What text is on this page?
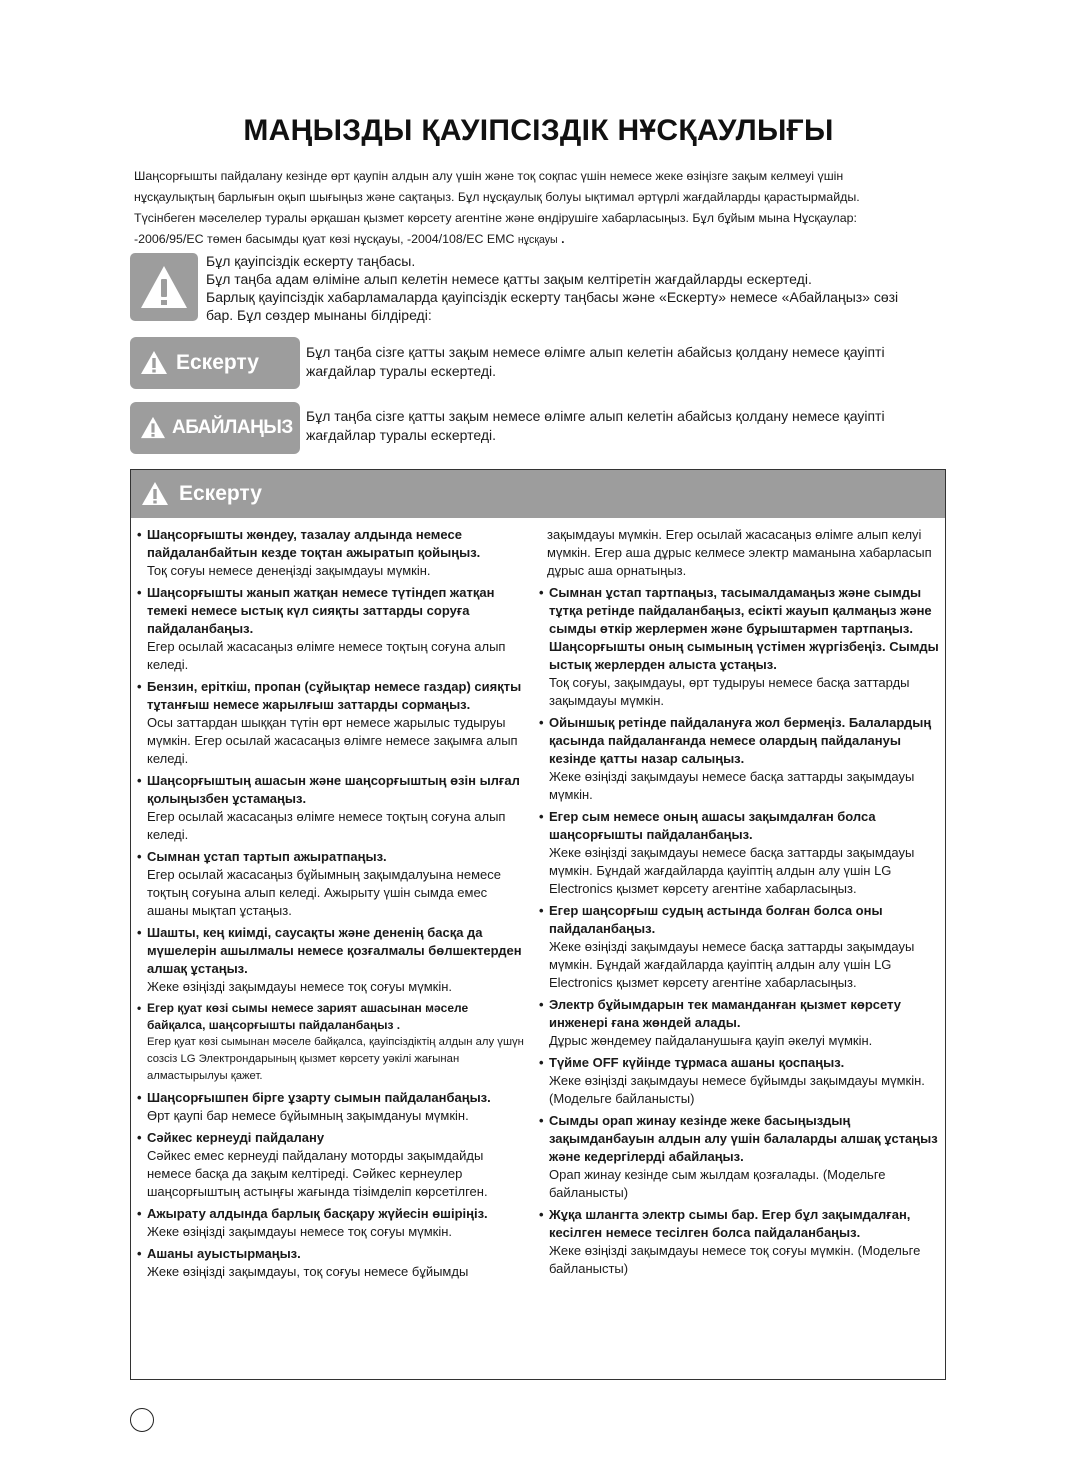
МАҢЫЗДЫ ҚАУІПСІЗДІК НҰСҚАУЛЫҒЫ

Шаңсорғышты пайдалану кезінде өрт қаупін алдын алу үшін және тоқ соқпас үшін немесе жеке өзіңізге зақым келмеуі үшін

нұсқаулықтың барлығын оқып шығыңыз және сақтаңыз. Бұл нұсқаулық болуы ықтимал әртүрлі жағдайларды қарастырмайды.

Түсінбеген мәселелер туралы әрқашан қызмет көрсету агентіне және өндірушіге хабарласыңыз. Бұл бұйым мына Нұсқаулар:

-2006/95/EC төмен басымды қуат көзі нұсқауы, -2004/108/EC EMC нұсқауы .

Бұл қауіпсіздік ескерту таңбасы.
Бұл таңба адам өліміне алып келетін немесе қатты зақым келтіретін жағдайларды ескертеді.
Барлық қауіпсіздік хабарламаларда қауіпсіздік ескерту таңбасы және «Ескерту» немесе «Абайлаңыз» сөзі
бар. Бұл сөздер мынаны білдіреді:
Ескерту	Бұл таңба сізге қатты зақым немесе өлімге алып келетін абайсыз қолдану немесе қауіпті жағдайлар туралы ескертеді.
АБАЙЛАҢЫЗ
Бұл таңба сізге қатты зақым немесе өлімге алып келетін абайсыз қолдану немесе қауіпті жағдайлар туралы ескертеді.
Ескерту
• Шаңсорғышты жөндеу, тазалау алдында немесе пайдаланбайтын кезде тоқтан ажыратып қойыңыз.
Тоқ соғуы немесе денеңізді зақымдауы мүмкін.
• Шаңсорғышты жанып жатқан немесе түтіндеп жатқан темекі немесе ыстық күл сияқты заттарды соруға пайдаланбаңыз.
Егер осылай жасасаңыз өлімге немесе тоқтың соғуна алып келеді.
• Бензин, еріткіш, пропан (сұйықтар немесе газдар) сияқты тұтанғыш немесе жарылғыш заттарды сормаңыз.
Осы заттардан шыққан түтін өрт немесе жарылыс тудыруы мүмкін. Егер осылай жасасаңыз өлімге немесе зақымға алып келеді.
• Шаңсорғыштың ашасын және шаңсорғыштың өзін ылғал қолыңызбен ұстамаңыз.
Егер осылай жасасаңыз өлімге немесе тоқтың соғуна алып келеді.
• Сымнан ұстап тартып ажыратпаңыз.
Егер осылай жасасаңыз бұйымның зақымдалуына немесе тоқтың соғуына алып келеді. Ажырыту үшін сымда емес ашаны мықтап ұстаңыз.
• Шашты, кең киімді, саусақты және дененің басқа да мүшелерін ашылмалы немесе қозғалмалы бөлшектерден алшақ ұстаңыз.
Жеке өзіңізді зақымдауы немесе тоқ соғуы мүмкін.
• Егер қуат көзі сымы немесе зарият ашасынан мәселе байқалса, шаңсорғышты пайдаланбаңыз .
Егер қуат көзі сымынан мәселе байқалса, қауіпсіздіктің алдын алу үшүн созсіз LG Электрондарының қызмет көрсету уәкілі жағынан алмастырылуы қажет.
• Шаңсорғышпен бірге ұзарту сымын пайдаланбаңыз.
Өрт қаупі бар немесе бұйымның зақымдануы мүмкін.
• Сәйкес кернеуді пайдалану
Сәйкес емес кернеуді пайдалану моторды зақымдайды немесе басқа да зақым келтіреді. Сәйкес кернеулер шаңсорғыштың астыңғы жағында тізімделіп көрсетілген.
• Ажырату алдында барлық басқару жүйесін өшіріңіз.
Жеке өзіңізді зақымдауы немесе тоқ соғуы мүмкін.
• Ашаны ауыстырмаңыз.
Жеке өзіңізді зақымдауы, тоқ соғуы немесе бұйымды
зақымдауы мүмкін. Егер осылай жасасаңыз өлімге алып келуі мүмкін. Егер аша дұрыс келмесе электр маманына хабарласып дұрыс аша орнатыңыз.
• Сымнан ұстап тартпаңыз, тасымалдамаңыз және сымды тұтқа ретінде пайдаланбаңыз, есікті жауып қалмаңыз және сымды өткір жерлермен және бұрыштармен тартпаңыз. Шаңсорғышты оның сымының үстімен жүргізбеңіз. Сымды ыстық жерлерден алыста ұстаңыз.
Тоқ соғуы, зақымдауы, өрт тудыруы немесе басқа заттарды зақымдауы мүмкін.
• Ойыншық ретінде пайдалануға жол бермеңіз. Балалардың қасында пайдаланғанда немесе олардың пайдалануы кезінде қатты назар салыңыз.
Жеке өзіңізді зақымдауы немесе басқа заттарды зақымдауы мүмкін.
• Егер сым немесе оның ашасы зақымдалған болса шаңсорғышты пайдаланбаңыз.
Жеке өзіңізді зақымдауы немесе басқа заттарды зақымдауы мүмкін. Бұндай жағдайларда қауіптің алдын алу үшін LG Electronics қызмет көрсету агентіне хабарласыңыз.
• Егер шаңсорғыш судың астында болған болса оны пайдаланбаңыз.
Жеке өзіңізді зақымдауы немесе басқа заттарды зақымдауы мүмкін. Бұндай жағдайларда қауіптің алдын алу үшін LG Electronics қызмет көрсету агентіне хабарласыңыз.
• Электр бұйымдарын тек маманданған қызмет көрсету инженері ғана жөндей алады.
Дұрыс жөндемеу пайдаланушыға қауіп әкелуі мүмкін.
• Түйме OFF күйінде тұрмаса ашаны қоспаңыз.
Жеке өзіңізді зақымдауы немесе бұйымды зақымдауы мүмкін. (Модельге байланысты)
• Сымды орап жинау кезінде жеке басыңыздың зақымданбауын алдын алу үшін балаларды алшақ ұстаңыз және кедергілерді абайлаңыз.
Орап жинау кезінде сым жылдам қозғалады. (Модельге байланысты)
• Жұқа шлангта электр сымы бар. Егер бұл зақымдалған, кесілген немесе тесілген болса пайдаланбаңыз.
Жеке өзіңізді зақымдауы немесе тоқ соғуы мүмкін. (Модельге байланысты)
